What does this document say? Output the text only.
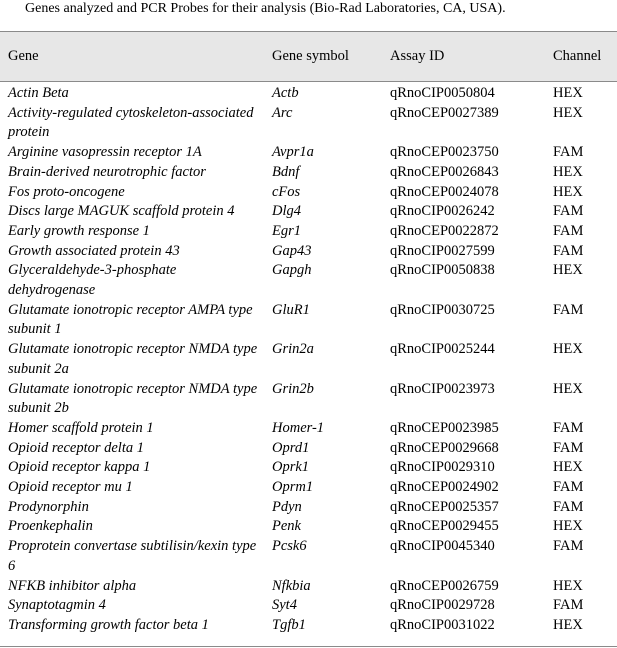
Genes analyzed and PCR Probes for their analysis (Bio-Rad Laboratories, CA, USA).
Gene	Gene symbol	Assay ID	Channel
Actin Beta	Actb	qRnoCIP0050804	HEX
Activity-regulated cytoskeleton-associated protein	Arc	qRnoCEP0027389	HEX
Arginine vasopressin receptor 1A	Avpr1a	qRnoCEP0023750	FAM
Brain-derived neurotrophic factor	Bdnf	qRnoCEP0026843	HEX
Fos proto-oncogene	cFos	qRnoCEP0024078	HEX
Discs large MAGUK scaffold protein 4	Dlg4	qRnoCIP0026242	FAM
Early growth response 1	Egr1	qRnoCEP0022872	FAM
Growth associated protein 43	Gap43	qRnoCIP0027599	FAM
Glyceraldehyde-3-phosphate dehydrogenase	Gapgh	qRnoCIP0050838	HEX
Glutamate ionotropic receptor AMPA type subunit 1	GluR1	qRnoCIP0030725	FAM
Glutamate ionotropic receptor NMDA type subunit 2a	Grin2a	qRnoCIP0025244	HEX
Glutamate ionotropic receptor NMDA type subunit 2b	Grin2b	qRnoCIP0023973	HEX
Homer scaffold protein 1	Homer-1	qRnoCEP0023985	FAM
Opioid receptor delta 1	Oprd1	qRnoCEP0029668	FAM
Opioid receptor kappa 1	Oprk1	qRnoCIP0029310	HEX
Opioid receptor mu 1	Oprm1	qRnoCEP0024902	FAM
Prodynorphin	Pdyn	qRnoCEP0025357	FAM
Proenkephalin	Penk	qRnoCEP0029455	HEX
Proprotein convertase subtilisin/kexin type 6	Pcsk6	qRnoCIP0045340	FAM
NFKB inhibitor alpha	Nfkbia	qRnoCEP0026759	HEX
Synaptotagmin 4	Syt4	qRnoCIP0029728	FAM
Transforming growth factor beta 1	Tgfb1	qRnoCIP0031022	HEX
